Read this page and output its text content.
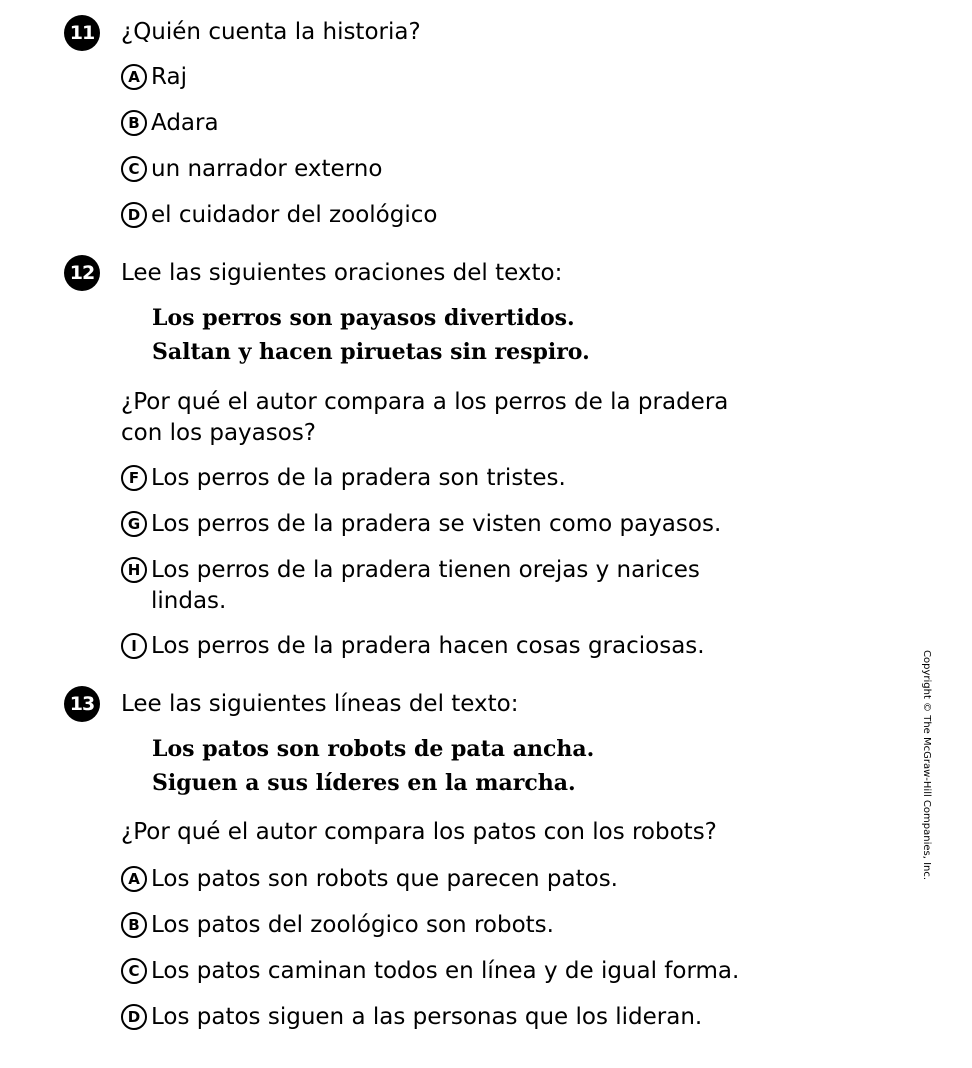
11 ¿Quién cuenta la historia?
A Raj
B Adara
C un narrador externo
D el cuidador del zoológico
12 Lee las siguientes oraciones del texto:
Los perros son payasos divertidos.
Saltan y hacen piruetas sin respiro.
¿Por qué el autor compara a los perros de la pradera
con los payasos?
F Los perros de la pradera son tristes.
G Los perros de la pradera se visten como payasos.
H Los perros de la pradera tienen orejas y narices
lindas.
I Los perros de la pradera hacen cosas graciosas.
13 Lee las siguientes líneas del texto:
Los patos son robots de pata ancha.
Siguen a sus líderes en la marcha.
¿Por qué el autor compara los patos con los robots?
A Los patos son robots que parecen patos.
B Los patos del zoológico son robots.
C Los patos caminan todos en línea y de igual forma.
D Los patos siguen a las personas que los lideran.
Copyright © The McGraw-Hill Companies, Inc.
